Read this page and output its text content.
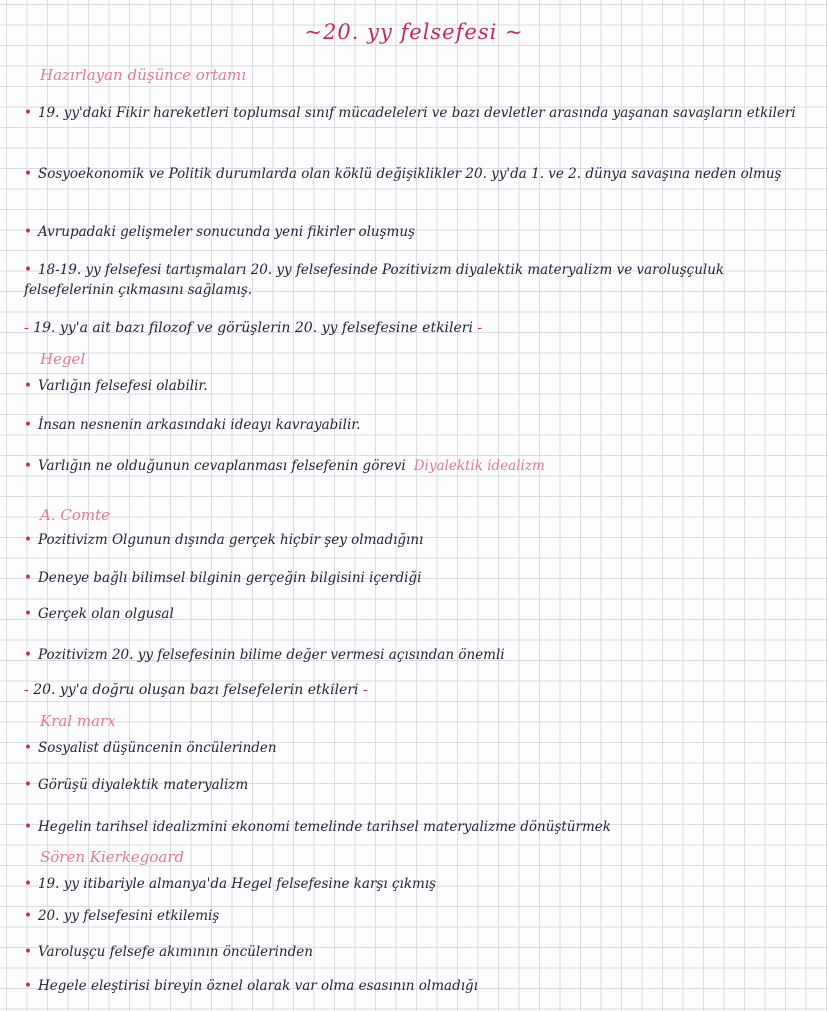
~20. yy felsefesi ~
Hazırlayan düşünce ortamı
• 19. yy'daki Fikir hareketleri toplumsal sınıf mücadeleleri ve bazı devletler arasında yaşanan savaşların etkileri
• Sosyoekonomik ve Politik durumlarda olan köklü değişiklikler 20. yy'da 1. ve 2. dünya savaşına neden olmuş
• Avrupadaki gelişmeler sonucunda yeni fikirler oluşmuş
• 18-19. yy felsefesi tartışmaları 20. yy felsefesinde Pozitivizm diyalektik materyalizm ve varoluşçuluk felsefelerinin çıkmasını sağlamış.
- 19. yy'a ait bazı filozof ve görüşlerin 20. yy felsefesine etkileri -
Hegel
• Varlığın felsefesi olabilir.
• İnsan nesnenin arkasındaki ideayı kavrayabilir.
• Varlığın ne olduğunun cevaplanması felsefenin görevi Diyalektik idealizm
A. Comte
• Pozitivizm Olgunun dışında gerçek hiçbir şey olmadığını
• Deneye bağlı bilimsel bilginin gerçeğin bilgisini içerdiği
• Gerçek olan olgusal
• Pozitivizm 20. yy felsefesinin bilime değer vermesi açısından önemli
- 20. yy'a doğru oluşan bazı felsefelerin etkileri -
Kral marx
• Sosyalist düşüncenin öncülerinden
• Görüşü diyalektik materyalizm
• Hegelin tarihsel idealizmini ekonomi temelinde tarihsel materyalizme dönüştürmek
Sören Kierkegoard
• 19. yy itibariyle almanya'da Hegel felsefesine karşı çıkmış
• 20. yy felsefesini etkilemiş
• Varoluşçu felsefe akımının öncülerinden
• Hegele eleştirisi bireyin öznel olarak var olma esasının olmadığı
